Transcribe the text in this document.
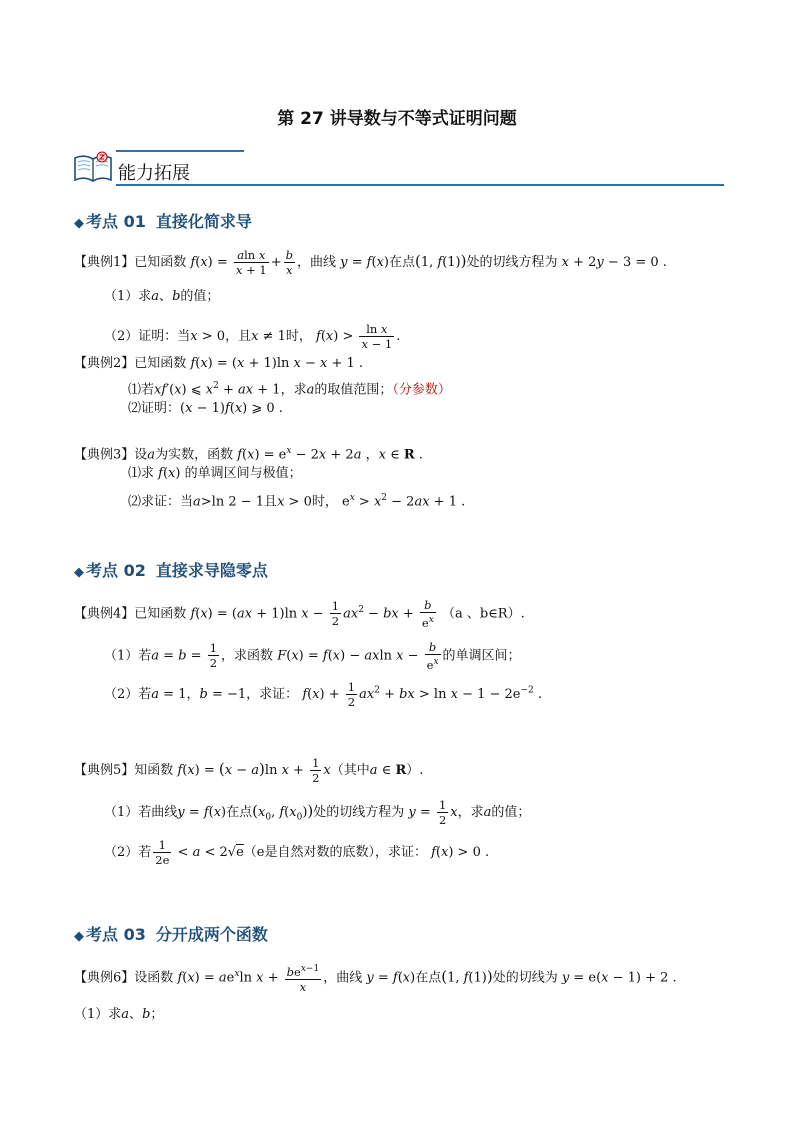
第 27 讲导数与不等式证明问题
能力拓展
◆ 考点 01 直接化简求导
【典例1】已知函数 $f(x) = \frac{\text{aln x}}{x + 1} + \frac{b}{x}$ ，曲线 y = f(x)在点(1, f(1))处的切线方程为 x + 2y − 3 = 0 .
（1）求a、b的值；
（2）证明：当x > 0，且x ≠ 1时， $f(x) > \frac{\text{ln x}}{x - 1}$ .
【典例2】已知函数 f(x) = (x + 1)ln x − x + 1 .
⑴若xf′(x) ⩽ $x^2$ + ax + 1，求a的取值范围；（分参数）
⑵证明：(x − 1)f(x) ⩾ 0 .
【典例3】设a为实数，函数 $f(x) = e^x - 2x + 2a$ ，x ∈ R .
⑴求 f(x) 的单调区间与极值；
⑵求证：当a>ln 2 − 1且x > 0时， $e^x > x^2 - 2ax + 1$ .
◆ 考点 02 直接求导隐零点
【典例4】已知函数 f(x) = (ax + 1)ln $x - \frac{1}{2} ax^2$ − bx + $\frac{b}{e^x} (a$ 、b∈R）.
（1）若$a = b = \frac{1}{2}$ ，求函数 F(x) = f(x) − axln $x - \frac{b}{e^x}$ 的单调区间；
（2）若a = 1，b = −1，求证： $f(x) + \frac{1}{2} ax^2$ + bx > $\ln x - 1 - 2e^{-2}$ .
【典例5】知函数 f(x) = (x − a)ln $x + \frac{1}{2} x$（其中a ∈ R）.
（1）若曲线y = f(x)在点($x_0$, $f(x_0)$)处的切线方程为 $y = \frac{1}{2}$ x，求a的值；
（2）若 $\frac{1}{2e} < a < 2√e(e$是自然对数的底数），求证： f(x) > 0 .
◆ 考点 03 分开成两个函数
【典例6】设函数 $f(x) = ae^x\ln$ $x + \frac{be^{x-1}}{x}$ ，曲线 y = f(x)在点(1, f(1))处的切线为 y = e(x − 1) + 2 .
（1）求a、b；
